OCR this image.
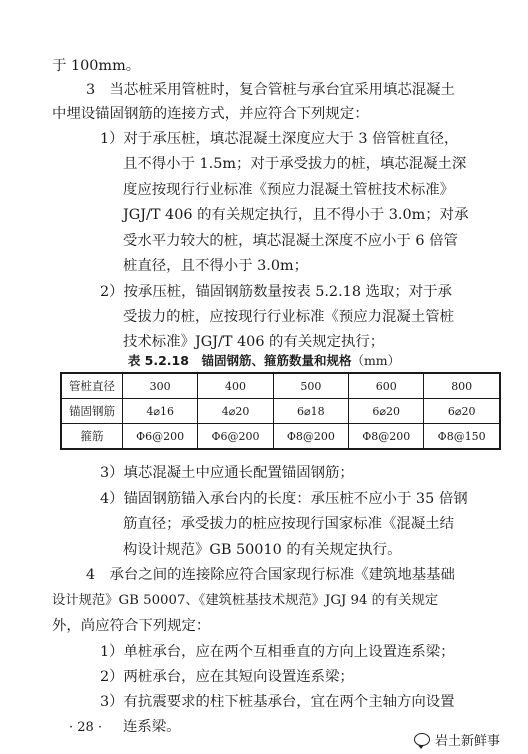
于 100mm。
3　当芯桩采用管桩时，复合管桩与承台宜采用填芯混凝土
中埋设锚固钢筋的连接方式，并应符合下列规定：
1）对于承压桩，填芯混凝土深度应大于 3 倍管桩直径，
且不得小于 1.5m；对于承受拔力的桩，填芯混凝土深
度应按现行行业标准《预应力混凝土管桩技术标准》
JGJ/T 406 的有关规定执行，且不得小于 3.0m；对承
受水平力较大的桩，填芯混凝土深度不应小于 6 倍管
桩直径，且不得小于 3.0m；
2）按承压桩，锚固钢筋数量按表 5.2.18 选取；对于承
受拔力的桩，应按现行行业标准《预应力混凝土管桩
技术标准》JGJ/T 406 的有关规定执行；
表 5.2.18　锚固钢筋、箍筋数量和规格（mm）
管桩直径	300	400	500	600	800
锚固钢筋	4⌀16	4⌀20	6⌀18	6⌀20	6⌀20
箍筋	Φ6@200	Φ6@200	Φ8@200	Φ8@200	Φ8@150
3）填芯混凝土中应通长配置锚固钢筋；
4）锚固钢筋锚入承台内的长度：承压桩不应小于 35 倍钢
筋直径；承受拔力的桩应按现行国家标准《混凝土结
构设计规范》GB 50010 的有关规定执行。
4　承台之间的连接除应符合国家现行标准《建筑地基基础
设计规范》GB 50007、《建筑桩基技术规范》JGJ 94 的有关规定
外，尚应符合下列规定：
1）单桩承台，应在两个互相垂直的方向上设置连系梁；
2）两桩承台，应在其短向设置连系梁；
3）有抗震要求的柱下桩基承台，宜在两个主轴方向设置
连系梁。
· 28 ·
岩土新鲜事
